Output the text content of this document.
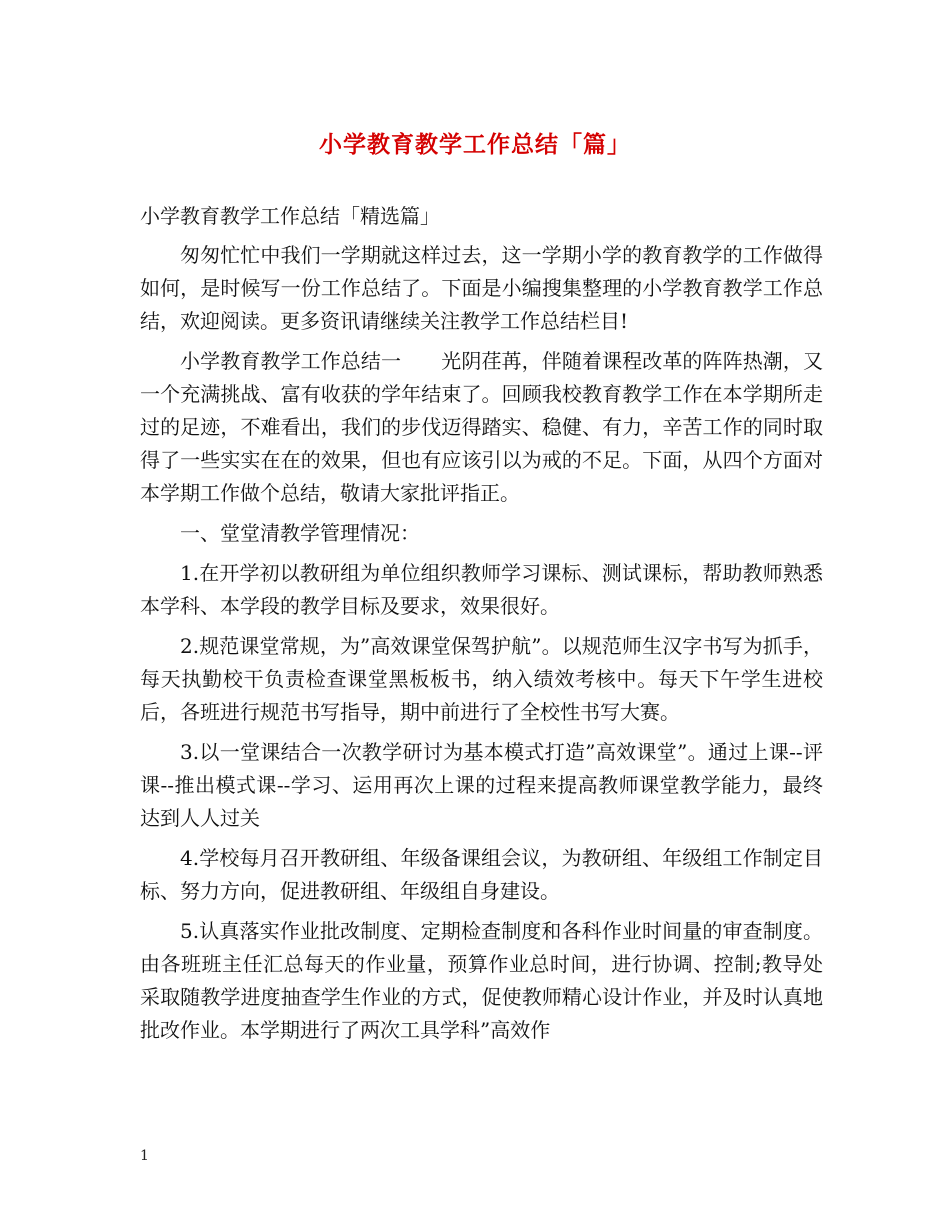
小学教育教学工作总结「篇」

小学教育教学工作总结「精选篇」

匆匆忙忙中我们一学期就这样过去，这一学期小学的教育教学的工作做得如何，是时候写一份工作总结了。下面是小编搜集整理的小学教育教学工作总结，欢迎阅读。更多资讯请继续关注教学工作总结栏目!

小学教育教学工作总结一　　光阴荏苒，伴随着课程改革的阵阵热潮，又一个充满挑战、富有收获的学年结束了。回顾我校教育教学工作在本学期所走过的足迹，不难看出，我们的步伐迈得踏实、稳健、有力，辛苦工作的同时取得了一些实实在在的效果，但也有应该引以为戒的不足。下面，从四个方面对本学期工作做个总结，敬请大家批评指正。

一、堂堂清教学管理情况：

1.在开学初以教研组为单位组织教师学习课标、测试课标，帮助教师熟悉本学科、本学段的教学目标及要求，效果很好。

2.规范课堂常规，为”高效课堂保驾护航”。以规范师生汉字书写为抓手，每天执勤校干负责检查课堂黑板板书，纳入绩效考核中。每天下午学生进校后，各班进行规范书写指导，期中前进行了全校性书写大赛。

3.以一堂课结合一次教学研讨为基本模式打造”高效课堂”。通过上课--评课--推出模式课--学习、运用再次上课的过程来提高教师课堂教学能力，最终达到人人过关

4.学校每月召开教研组、年级备课组会议，为教研组、年级组工作制定目标、努力方向，促进教研组、年级组自身建设。

5.认真落实作业批改制度、定期检查制度和各科作业时间量的审查制度。由各班班主任汇总每天的作业量，预算作业总时间，进行协调、控制;教导处采取随教学进度抽查学生作业的方式，促使教师精心设计作业，并及时认真地批改作业。本学期进行了两次工具学科”高效作

1
